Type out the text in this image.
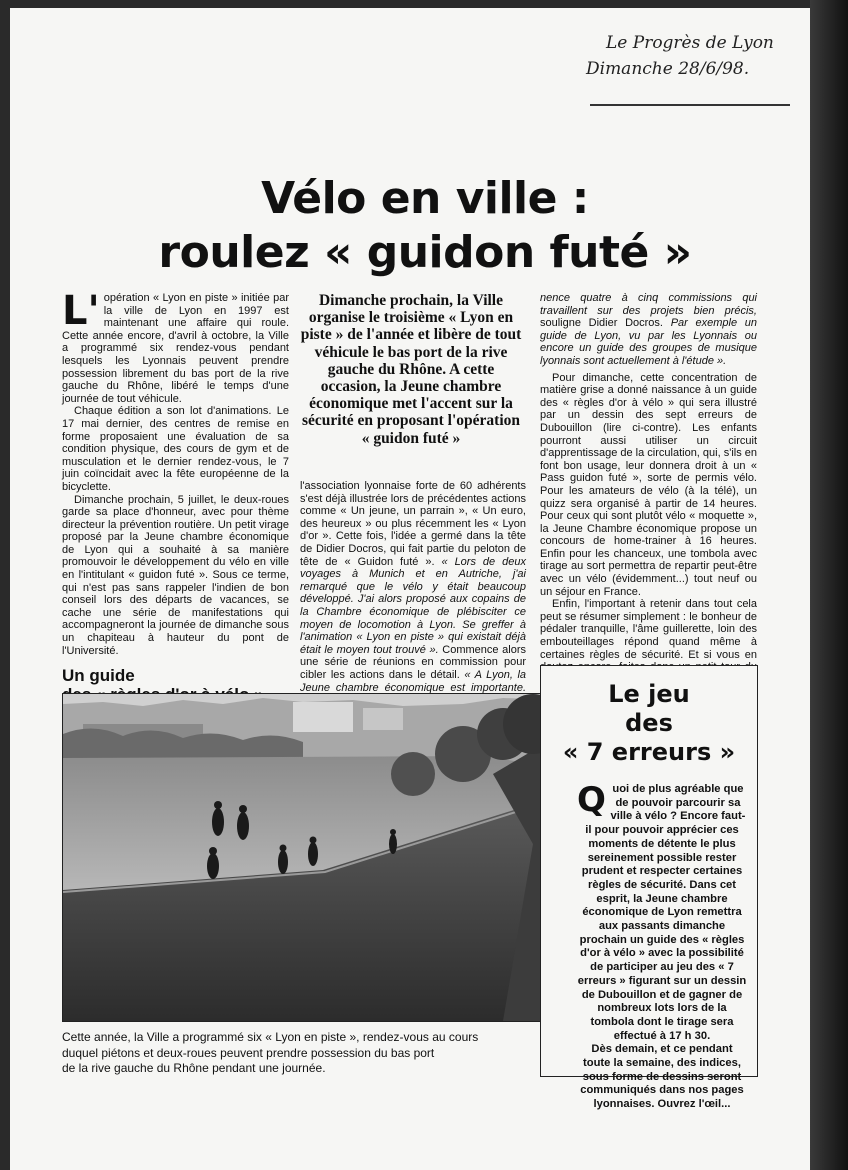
Le Progrès de Lyon
Dimanche 28/6/98.
Vélo en ville :
roulez « guidon futé »

L' opération « Lyon en piste » initiée par la ville de Lyon en 1997 est maintenant une affaire qui roule. Cette année encore, d'avril à octobre, la Ville a programmé six rendez-vous pendant lesquels les Lyonnais peuvent prendre possession librement du bas port de la rive gauche du Rhône, libéré le temps d'une journée de tout véhicule.

Chaque édition a son lot d'animations. Le 17 mai dernier, des centres de remise en forme proposaient une évaluation de sa condition physique, des cours de gym et de musculation et le dernier rendez-vous, le 7 juin coïncidait avec la fête européenne de la bicyclette.

Dimanche prochain, 5 juillet, le deux-roues garde sa place d'honneur, avec pour thème directeur la prévention routière. Un petit virage proposé par la Jeune chambre économique de Lyon qui a souhaité à sa manière promouvoir le développement du vélo en ville en l'intitulant « guidon futé ». Sous ce terme, qui n'est pas sans rappeler l'indien de bon conseil lors des départs de vacances, se cache une série de manifestations qui accompagneront la journée de dimanche sous un chapiteau à hauteur du pont de l'Université.

Un guide

Dimanche prochain, la Ville organise le troisième « Lyon en piste » de l'année et libère de tout véhicule le bas port de la rive gauche du Rhône. A cette occasion, la Jeune chambre économique met l'accent sur la sécurité en proposant l'opération « guidon futé »

l'association lyonnaise forte de 60 adhérents s'est déjà illustrée lors de précédentes actions comme « Un jeune, un parrain », « Un euro, des heureux » ou plus récemment les « Lyon d'or ». Cette fois, l'idée a germé dans la tête de Didier Docros, qui fait partie du peloton de tête de « Guidon futé ». « Lors de deux voyages à Munich et en Autriche, j'ai remarqué que le vélo y était beaucoup développé. J'ai alors proposé aux copains de la Chambre économique de plébisciter ce moyen de locomotion à Lyon. Se greffer à l'animation « Lyon en piste » qui existait déjà était le moyen tout trouvé ». Commence alors une série de réunions en commission pour cibler les actions dans le détail. « A Lyon, la Jeune chambre économique est importante.

nence quatre à cinq commissions qui travaillent sur des projets bien précis, souligne Didier Docros. Par exemple un guide de Lyon, vu par les Lyonnais ou encore un guide des groupes de musique lyonnais sont actuellement à l'étude ».

Pour dimanche, cette concentration de matière grise a donné naissance à un guide des « règles d'or à vélo » qui sera illustré par un dessin des sept erreurs de Dubouillon (lire ci-contre). Les enfants pourront aussi utiliser un circuit d'apprentissage de la circulation, qui, s'ils en font bon usage, leur donnera droit à un « Pass guidon futé », sorte de permis vélo. Pour les amateurs de vélo (à la télé), un quizz sera organisé à partir de 14 heures. Pour ceux qui sont plutôt vélo « moquette », la Jeune Chambre économique propose un concours de home-trainer à 16 heures. Enfin pour les chanceux, une tombola avec tirage au sort permettra de repartir peut-être avec un vélo (évidemment...) tout neuf ou un séjour en France.

Enfin, l'important à retenir dans tout cela peut se résumer simplement : le bonheur de pédaler tranquille, l'âme guillerette, loin des embouteillages répond quand même à certaines règles de sécurité. Et si vous en

Cette année, la Ville a programmé six « Lyon en piste », rendez-vous au cours
duquel piétons et deux-roues peuvent prendre possession du bas port
de la rive gauche du Rhône pendant une journée.
Le jeu
des
« 7 erreurs »

Quoi de plus agréable que de pouvoir parcourir sa ville à vélo ? Encore faut-il pour pouvoir apprécier ces moments de détente le plus sereinement possible rester prudent et respecter certaines règles de sécurité. Dans cet esprit, la Jeune chambre économique de Lyon remettra aux passants dimanche prochain un guide des « règles d'or à vélo » avec la possibilité de participer au jeu des « 7 erreurs » figurant sur un dessin de Dubouillon et de gagner de nombreux lots lors de la tombola dont le tirage sera effectué à 17 h 30.

Dès demain, et ce pendant toute la semaine, des indices, sous forme de dessins seront communiqués dans nos pages lyonnaises. Ouvrez l'œil...
